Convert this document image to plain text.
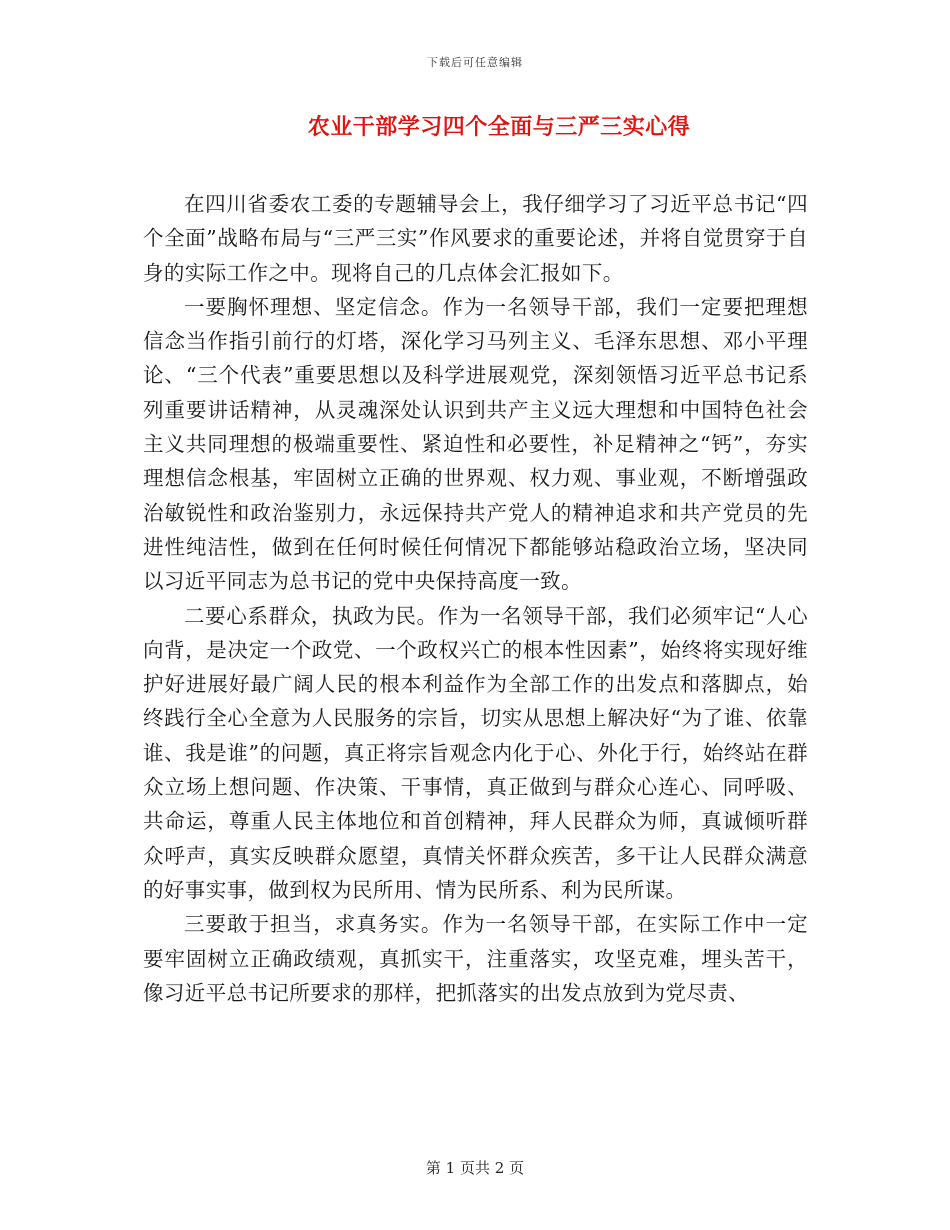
下载后可任意编辑
农业干部学习四个全面与三严三实心得

在四川省委农工委的专题辅导会上，我仔细学习了习近平总书记“四个全面”战略布局与“三严三实”作风要求的重要论述，并将自觉贯穿于自身的实际工作之中。现将自己的几点体会汇报如下。

一要胸怀理想、坚定信念。作为一名领导干部，我们一定要把理想信念当作指引前行的灯塔，深化学习马列主义、毛泽东思想、邓小平理论、“三个代表”重要思想以及科学进展观党，深刻领悟习近平总书记系列重要讲话精神，从灵魂深处认识到共产主义远大理想和中国特色社会主义共同理想的极端重要性、紧迫性和必要性，补足精神之“钙”，夯实理想信念根基，牢固树立正确的世界观、权力观、事业观，不断增强政治敏锐性和政治鉴别力，永远保持共产党人的精神追求和共产党员的先进性纯洁性，做到在任何时候任何情况下都能够站稳政治立场，坚决同以习近平同志为总书记的党中央保持高度一致。

二要心系群众，执政为民。作为一名领导干部，我们必须牢记“人心向背，是决定一个政党、一个政权兴亡的根本性因素”，始终将实现好维护好进展好最广阔人民的根本利益作为全部工作的出发点和落脚点，始终践行全心全意为人民服务的宗旨，切实从思想上解决好“为了谁、依靠谁、我是谁”的问题，真正将宗旨观念内化于心、外化于行，始终站在群众立场上想问题、作决策、干事情，真正做到与群众心连心、同呼吸、共命运，尊重人民主体地位和首创精神，拜人民群众为师，真诚倾听群众呼声，真实反映群众愿望，真情关怀群众疾苦，多干让人民群众满意的好事实事，做到权为民所用、情为民所系、利为民所谋。

三要敢于担当，求真务实。作为一名领导干部，在实际工作中一定要牢固树立正确政绩观，真抓实干，注重落实，攻坚克难，埋头苦干，像习近平总书记所要求的那样，把抓落实的出发点放到为党尽责、

第 1 页共 2 页
